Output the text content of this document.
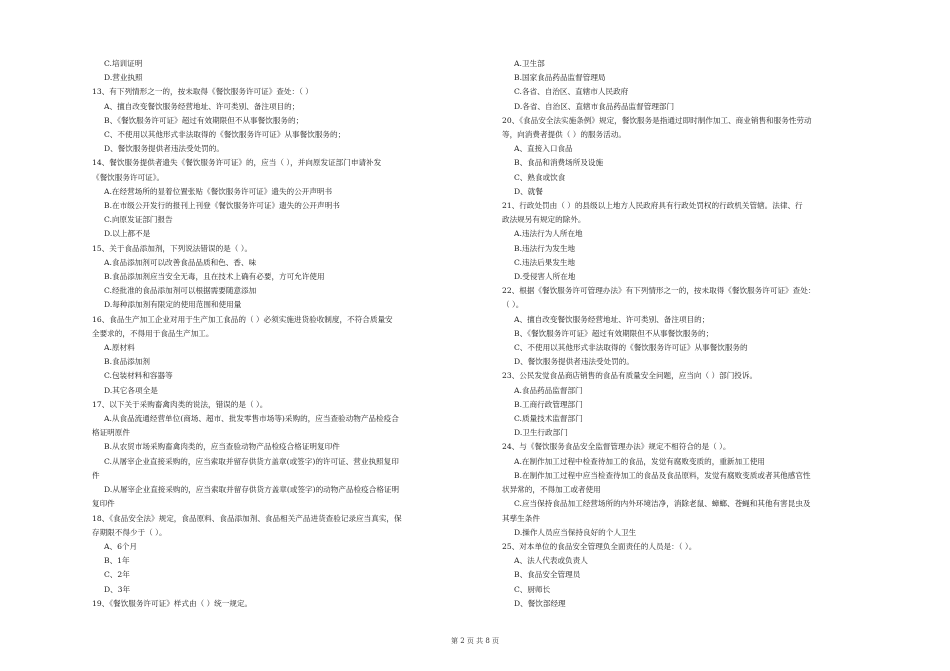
C.培训证明
D.营业执照
13、有下列情形之一的，按未取得《餐饮服务许可证》查处：（ ）
A、擅自改变餐饮服务经营地址、许可类别、备注项目的；
B、《餐饮服务许可证》超过有效期限但不从事餐饮服务的；
C、不使用以其他形式非法取得的《餐饮服务许可证》从事餐饮服务的；
D、餐饮服务提供者违法受处罚的。
14、餐饮服务提供者遗失《餐饮服务许可证》的，应当（ ），并向原发证部门申请补发
《餐饮服务许可证》。
A.在经营场所的显着位置张贴《餐饮服务许可证》遗失的公开声明书
B.在市级公开发行的报刊上刊登《餐饮服务许可证》遗失的公开声明书
C.向原发证部门报告
D.以上都不是
15、关于食品添加剂，下列说法错误的是（ ）。
A.食品添加剂可以改善食品品质和色、香、味
B.食品添加剂应当安全无毒，且在技术上确有必要，方可允许使用
C.经批准的食品添加剂可以根据需要随意添加
D.每种添加剂有限定的使用范围和使用量
16、食品生产加工企业对用于生产加工食品的（ ）必须实施进货验收制度，不符合质量安
全要求的，不得用于食品生产加工。
A.原材料
B.食品添加剂
C.包装材料和容器等
D.其它各项全是
17、以下关于采购畜禽肉类的说法，错误的是（ ）。
A.从食品流通经营单位(商场、超市、批发零售市场等)采购的，应当查验动物产品检疫合
格证明原件
B.从农贸市场采购畜禽肉类的，应当查验动物产品检疫合格证明复印件
C.从屠宰企业直接采购的，应当索取并留存供货方盖章(或签字)的许可证、营业执照复印
件
D.从屠宰企业直接采购的，应当索取并留存供货方盖章(或签字)的动物产品检疫合格证明
复印件
18、《食品安全法》规定，食品原料、食品添加剂、食品相关产品进货查验记录应当真实，保
存期限不得少于（ ）。
A、6个月
B、1年
C、2年
D、3年
19、《餐饮服务许可证》样式由（ ）统一规定。
A.卫生部
B.国家食品药品监督管理局
C.各省、自治区、直辖市人民政府
D.各省、自治区、直辖市食品药品监督管理部门
20、《食品安全法实施条例》规定，餐饮服务是指通过即时制作加工、商业销售和服务性劳动
等，向消费者提供（ ）的服务活动。
A、直接入口食品
B、食品和消费场所及设施
C、熟食或饮食
D、就餐
21、行政处罚由（ ）的县级以上地方人民政府具有行政处罚权的行政机关管辖。法律、行
政法规另有规定的除外。
A.违法行为人所在地
B.违法行为发生地
C.违法后果发生地
D.受侵害人所在地
22、根据《餐饮服务许可管理办法》有下列情形之一的，按未取得《餐饮服务许可证》查处：
（ ）。
A、擅自改变餐饮服务经营地址、许可类别、备注项目的；
B、《餐饮服务许可证》超过有效期限但不从事餐饮服务的；
C、不使用以其他形式非法取得的《餐饮服务许可证》从事餐饮服务的
D、餐饮服务提供者违法受处罚的。
23、公民发觉食品商店销售的食品有质量安全问题，应当向（ ）部门投诉。
A.食品药品监督部门
B.工商行政管理部门
C.质量技术监督部门
D.卫生行政部门
24、与《餐饮服务食品安全监督管理办法》规定不相符合的是（ ）。
A.在制作加工过程中检查待加工的食品，发觉有腐败变质的，重新加工使用
B.在制作加工过程中应当检查待加工的食品及食品原料，发觉有腐败变质或者其他感官性
状异常的，不得加工或者使用
C.应当保持食品加工经营场所的内外环境洁净，消除老鼠、蟑螂、苍蝇和其他有害昆虫及
其孳生条件
D.操作人员应当保持良好的个人卫生
25、对本单位的食品安全管理负全面责任的人员是：（ ）。
A、法人代表或负责人
B、食品安全管理员
C、厨师长
D、餐饮部经理
第 2 页 共 8 页
